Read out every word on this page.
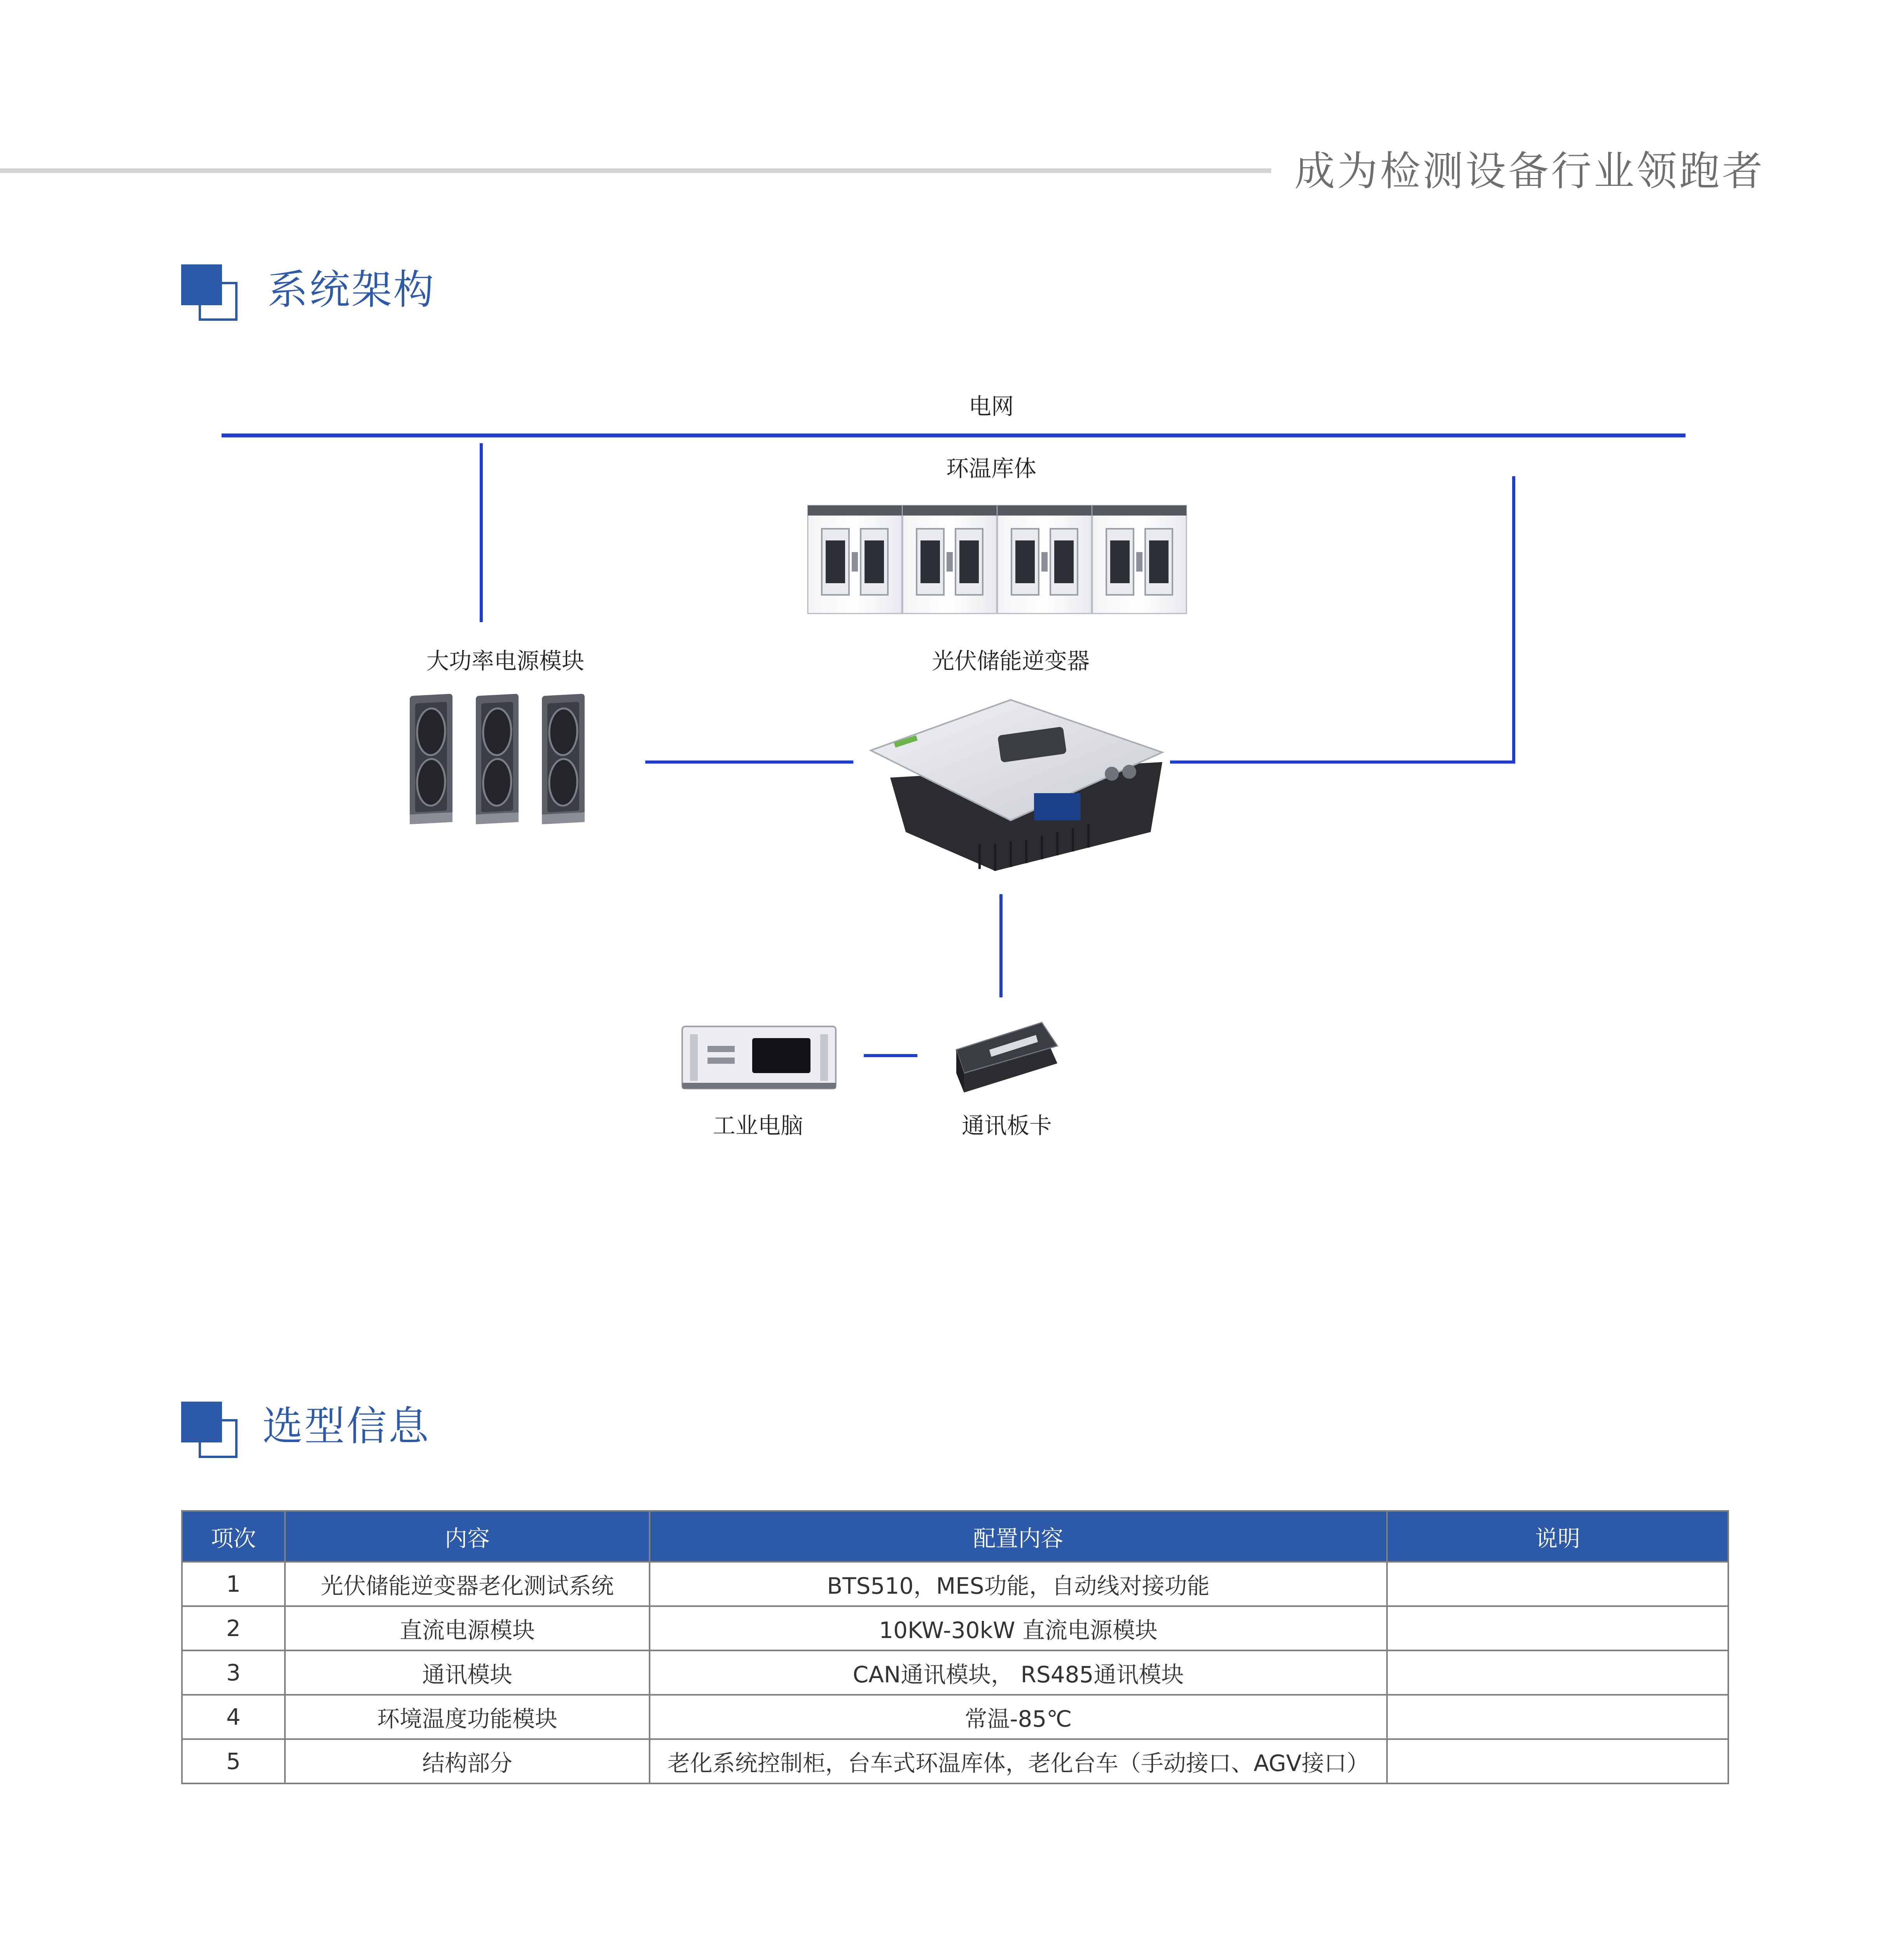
成为检测设备行业领跑者
系统架构
电网
环温库体
大功率电源模块	光伏储能逆变器
工业电脑	通讯板卡
选型信息
项次	内容	配置内容	说明
1	光伏储能逆变器老化测试系统	BTS510，MES功能，自动线对接功能	
2	直流电源模块	10KW-30kW 直流电源模块	
3	通讯模块	CAN通讯模块， RS485通讯模块	
4	环境温度功能模块	常温-85℃	
5	结构部分	老化系统控制柜，台车式环温库体，老化台车（手动接口、AGV接口）	
